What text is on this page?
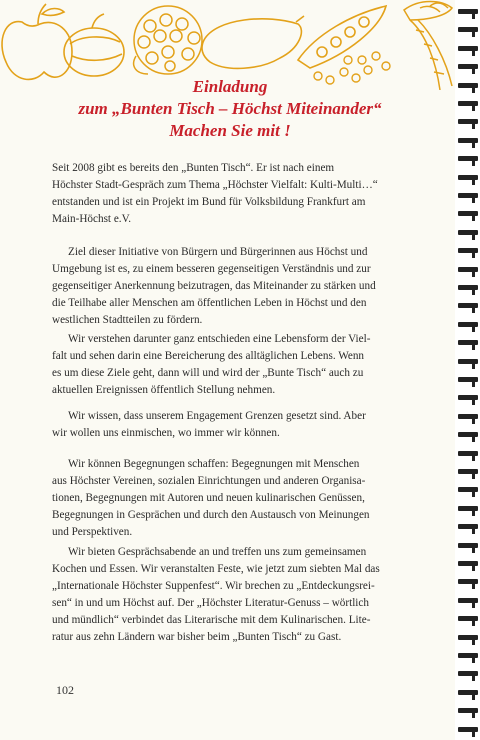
Einladung
zum „Bunten Tisch – Höchst Miteinander“
Machen Sie mit !
Seit 2008 gibt es bereits den „Bunten Tisch“. Er ist nach einem
Höchster Stadt-Gespräch zum Thema „Höchster Vielfalt: Kulti-Multi…“
entstanden und ist ein Projekt im Bund für Volksbildung Frankfurt am
Main-Höchst e.V.
Ziel dieser Initiative von Bürgern und Bürgerinnen aus Höchst und
Umgebung ist es, zu einem besseren gegenseitigen Verständnis und zur
gegenseitiger Anerkennung beizutragen, das Miteinander zu stärken und
die Teilhabe aller Menschen am öffentlichen Leben in Höchst und den
westlichen Stadtteilen zu fördern.
Wir verstehen darunter ganz entschieden eine Lebensform der Viel-
falt und sehen darin eine Bereicherung des alltäglichen Lebens. Wenn
es um diese Ziele geht, dann will und wird der „Bunte Tisch“ auch zu
aktuellen Ereignissen öffentlich Stellung nehmen.
Wir wissen, dass unserem Engagement Grenzen gesetzt sind. Aber
wir wollen uns einmischen, wo immer wir können.
Wir können Begegnungen schaffen: Begegnungen mit Menschen
aus Höchster Vereinen, sozialen Einrichtungen und anderen Organisa-
tionen, Begegnungen mit Autoren und neuen kulinarischen Genüssen,
Begegnungen in Gesprächen und durch den Austausch von Meinungen
und Perspektiven.
Wir bieten Gesprächsabende an und treffen uns zum gemeinsamen
Kochen und Essen. Wir veranstalten Feste, wie jetzt zum siebten Mal das
„Internationale Höchster Suppenfest“. Wir brechen zu „Entdeckungsrei-
sen“ in und um Höchst auf. Der „Höchster Literatur-Genuss – wörtlich
und mündlich“ verbindet das Literarische mit dem Kulinarischen. Lite-
ratur aus zehn Ländern war bisher beim „Bunten Tisch“ zu Gast.
102
